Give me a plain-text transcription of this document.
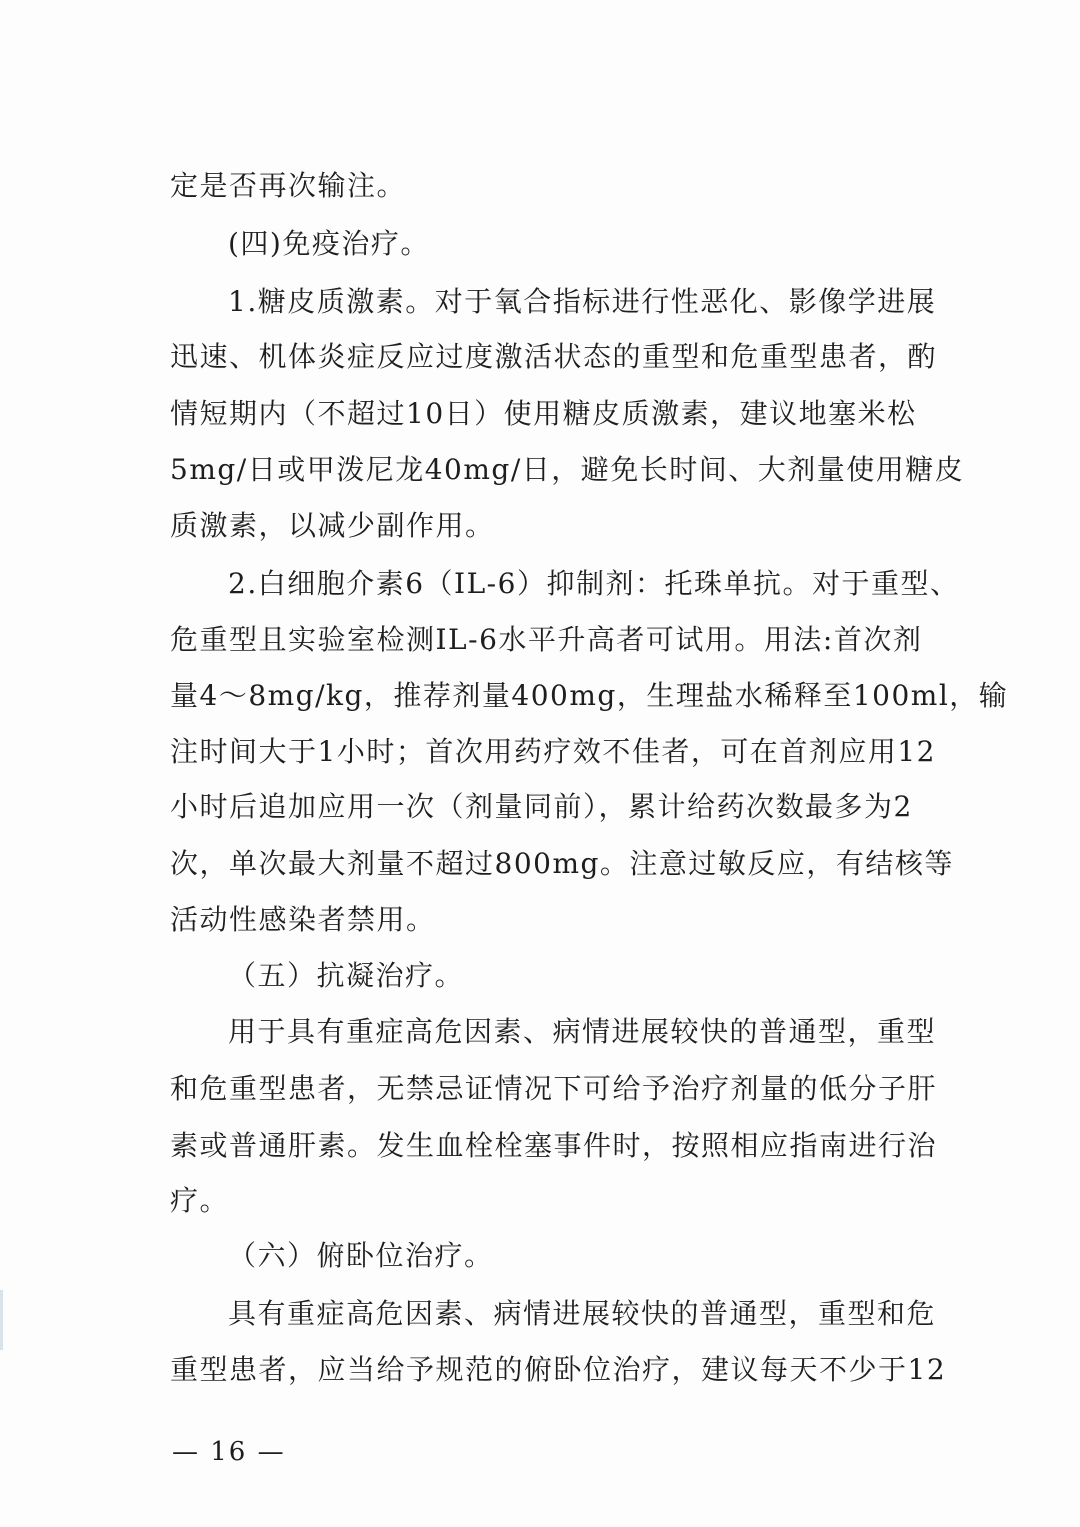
定是否再次输注。
(四)免疫治疗。
1.糖皮质激素。对于氧合指标进行性恶化、影像学进展
迅速、机体炎症反应过度激活状态的重型和危重型患者，酌
情短期内（不超过10日）使用糖皮质激素，建议地塞米松
5mg/日或甲泼尼龙40mg/日，避免长时间、大剂量使用糖皮
质激素，以减少副作用。
2.白细胞介素6（IL-6）抑制剂：托珠单抗。对于重型、
危重型且实验室检测IL-6水平升高者可试用。用法:首次剂
量4～8mg/kg，推荐剂量400mg，生理盐水稀释至100ml，输
注时间大于1小时；首次用药疗效不佳者，可在首剂应用12
小时后追加应用一次（剂量同前），累计给药次数最多为2
次，单次最大剂量不超过800mg。注意过敏反应，有结核等
活动性感染者禁用。
（五）抗凝治疗。
用于具有重症高危因素、病情进展较快的普通型，重型
和危重型患者，无禁忌证情况下可给予治疗剂量的低分子肝
素或普通肝素。发生血栓栓塞事件时，按照相应指南进行治
疗。
（六）俯卧位治疗。
具有重症高危因素、病情进展较快的普通型，重型和危
重型患者，应当给予规范的俯卧位治疗，建议每天不少于12
— 16 —
